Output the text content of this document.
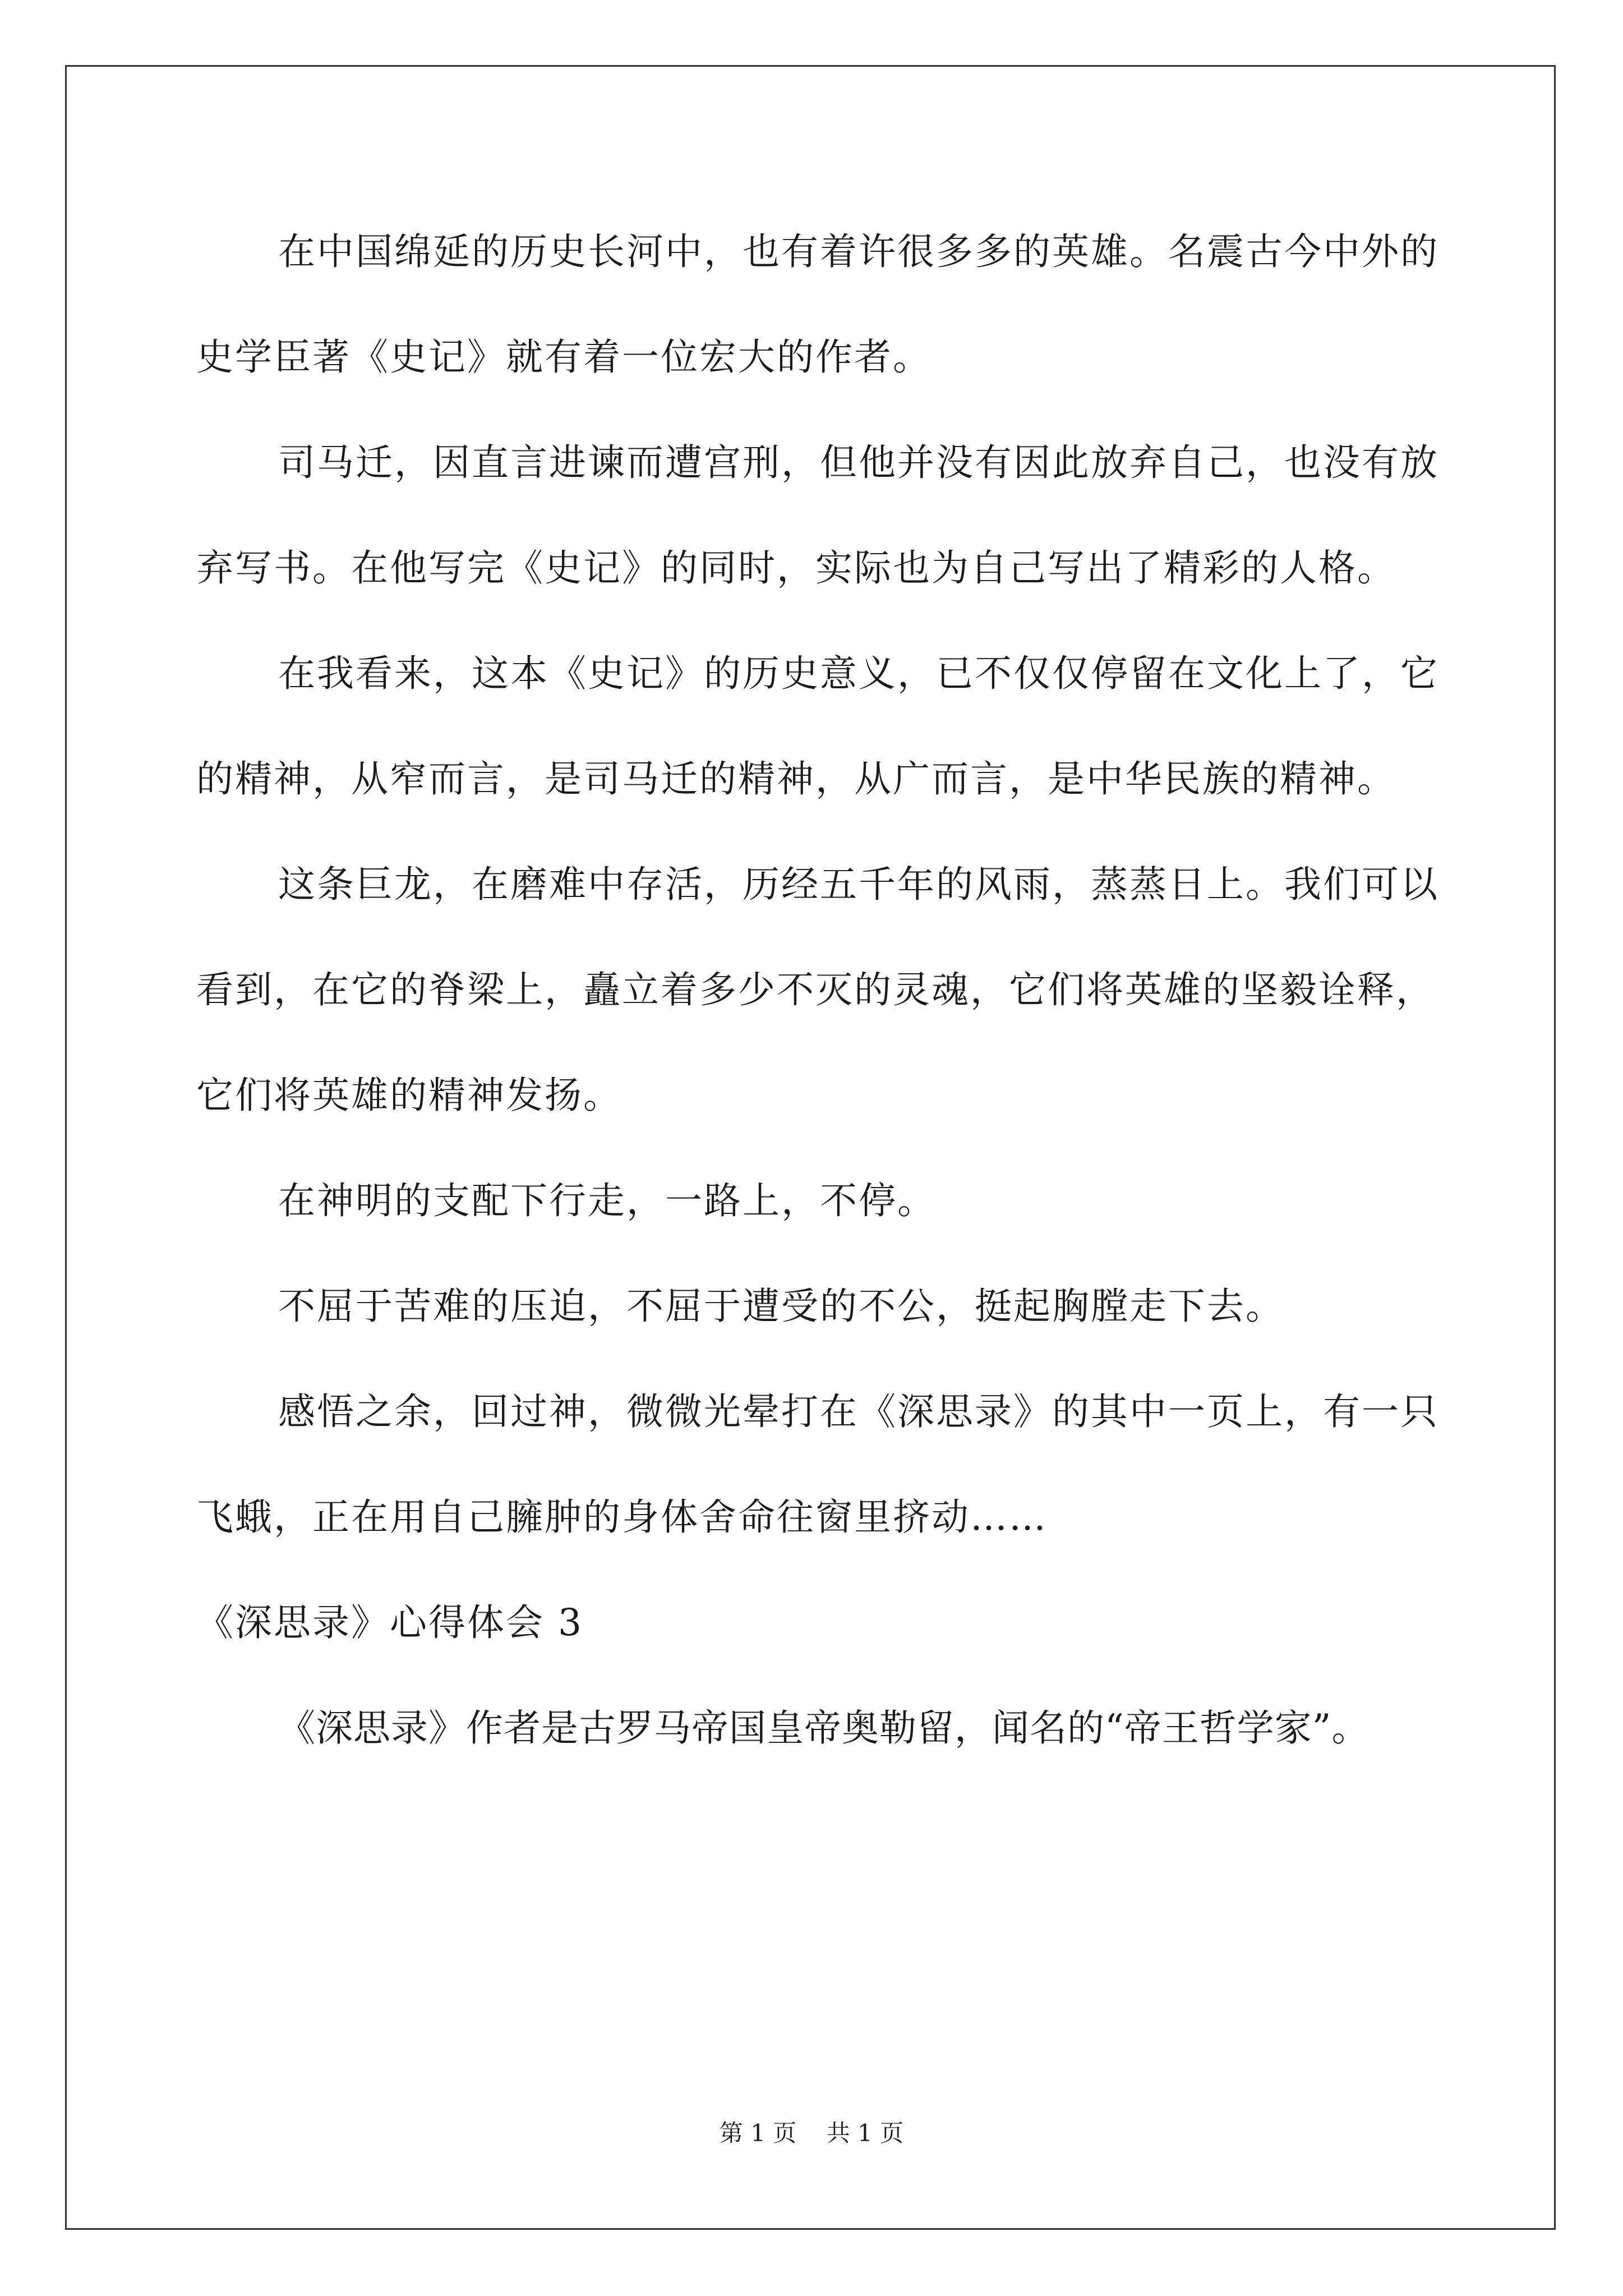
在中国绵延的历史长河中，也有着许很多多的英雄。名震古今中外的史学臣著《史记》就有着一位宏大的作者。

司马迁，因直言进谏而遭宫刑，但他并没有因此放弃自己，也没有放弃写书。在他写完《史记》的同时，实际也为自己写出了精彩的人格。

在我看来，这本《史记》的历史意义，已不仅仅停留在文化上了，它的精神，从窄而言，是司马迁的精神，从广而言，是中华民族的精神。

这条巨龙，在磨难中存活，历经五千年的风雨，蒸蒸日上。我们可以看到，在它的脊梁上，矗立着多少不灭的灵魂，它们将英雄的坚毅诠释，它们将英雄的精神发扬。

在神明的支配下行走，一路上，不停。

不屈于苦难的压迫，不屈于遭受的不公，挺起胸膛走下去。

感悟之余，回过神，微微光晕打在《深思录》的其中一页上，有一只飞蛾，正在用自己臃肿的身体舍命往窗里挤动……

《深思录》心得体会 3

《深思录》作者是古罗马帝国皇帝奥勒留，闻名的“帝王哲学家”。

第 1 页    共 1 页
